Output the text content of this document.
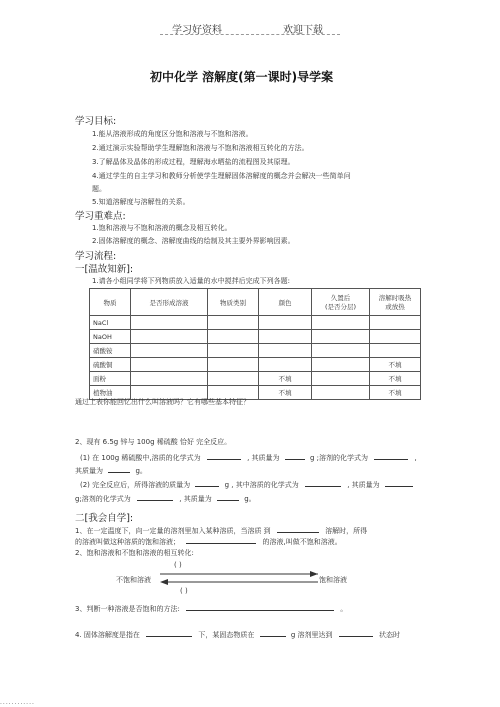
学习好资料	欢迎下载
初中化学 溶解度(第一课时)导学案
学习目标:
1.能从溶液形成的角度区分饱和溶液与不饱和溶液。
2.通过演示实验帮助学生理解饱和溶液与不饱和溶液相互转化的方法。
3.了解晶体及晶体的形成过程，理解海水晒盐的流程图及其原理。
4.通过学生的自主学习和教师分析使学生理解固体溶解度的概念并会解决一些简单问
题。
5.知道溶解度与溶解性的关系。
学习重难点:
1.饱和溶液与不饱和溶液的概念及相互转化。
2.固体溶解度的概念、溶解度曲线的绘制及其主要外界影响因素。
学习流程:
一[温故知新]:
1.请各小组同学将下列物质放入适量的水中搅拌后完成下列各题:
物质	是否形成溶液	物质类别	颜色	久置后
(是否分层)	溶解时吸热
或放热
NaCl					
NaOH					
硝酸铵					
硫酸铜					不填
面粉			不填		不填
植物油			不填		不填
通过上表你能回忆出什么叫溶液吗？它有哪些基本特征？
2、现有 6.5g 锌与 100g 稀硫酸 恰好 完全反应。
(1) 在 100g 稀硫酸中,溶质的化学式为	, 其质量为	g ;溶剂的化学式为	,
其质量为	g。
(2) 完全反应后，所得溶液的质量为	g , 其中溶质的化学式为	, 其质量为
g;溶剂的化学式为	, 其质量为	g。
二[我会自学]:
1、在一定温度下，向一定量的溶剂里加入某种溶质，当溶质 到	溶解时，所得
的溶液叫做这种溶质的饱和溶液；	的溶液,叫做不饱和溶液。
2、饱和溶液和不饱和溶液的相互转化:
( )
不饱和溶液	饱和溶液
( )
3、判断一种溶液是否饱和的方法:	。
4. 固体溶解度是指在	下，某固态物质在	g 溶剂里达到	状态时
............
